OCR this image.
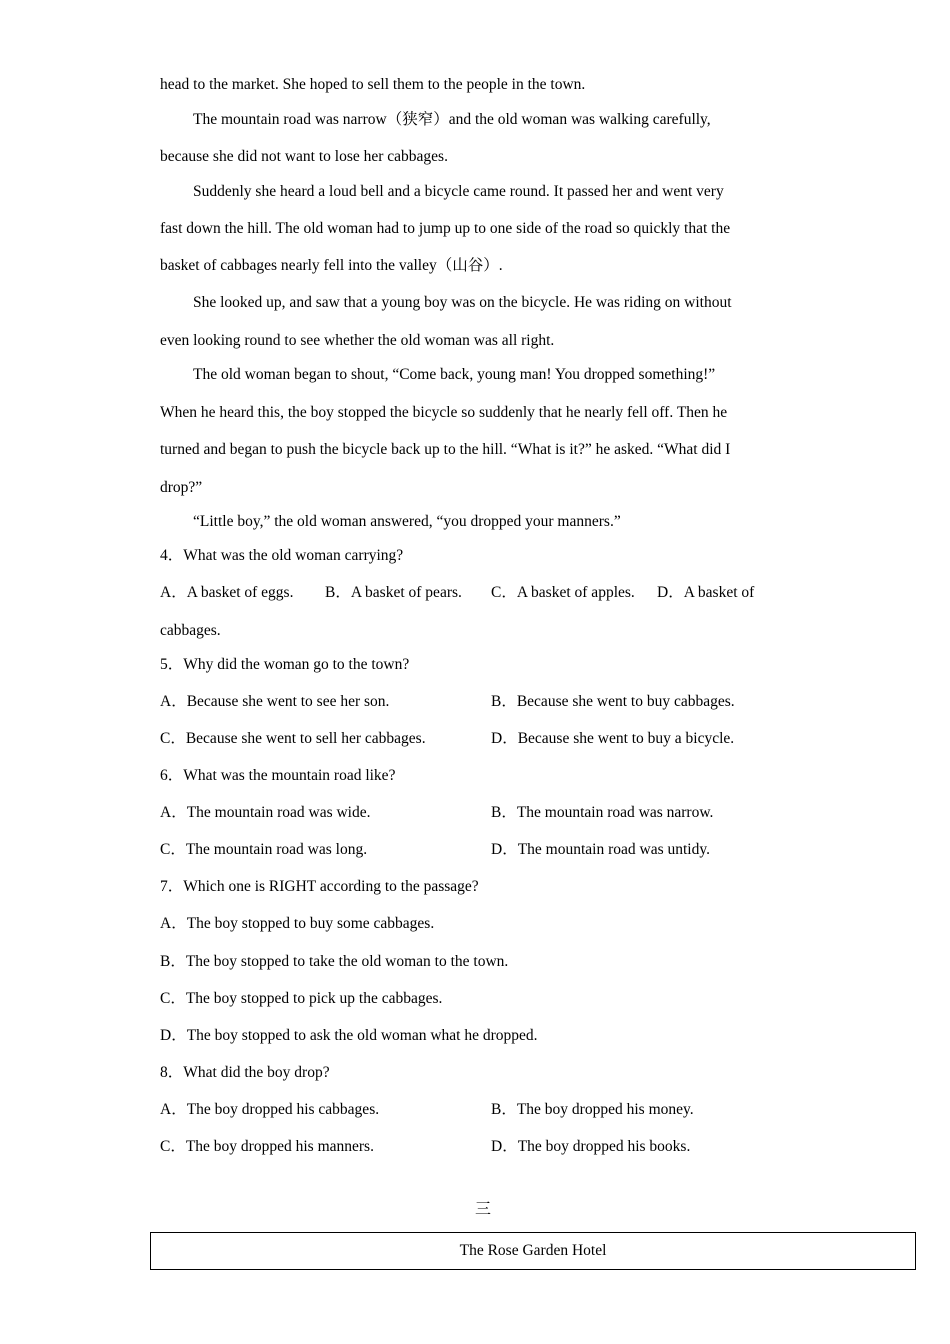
head to the market. She hoped to sell them to the people in the town.
The mountain road was narrow（狭窄）and the old woman was walking carefully,
because she did not want to lose her cabbages.
Suddenly she heard a loud bell and a bicycle came round. It passed her and went very
fast down the hill. The old woman had to jump up to one side of the road so quickly that the
basket of cabbages nearly fell into the valley（山谷）.
She looked up, and saw that a young boy was on the bicycle. He was riding on without
even looking round to see whether the old woman was all right.
The old woman began to shout, “Come back, young man! You dropped something!”
When he heard this, the boy stopped the bicycle so suddenly that he nearly fell off. Then he
turned and began to push the bicycle back up to the hill. “What is it?” he asked. “What did I
drop?”
“Little boy,” the old woman answered, “you dropped your manners.”
4．What was the old woman carrying?
A．A basket of eggs. B．A basket of pears. C．A basket of apples. D．A basket of
cabbages.
5．Why did the woman go to the town?
A．Because she went to see her son.	B．Because she went to buy cabbages.
C．Because she went to sell her cabbages.	D．Because she went to buy a bicycle.
6．What was the mountain road like?
A．The mountain road was wide.	B．The mountain road was narrow.
C．The mountain road was long.	D．The mountain road was untidy.
7．Which one is RIGHT according to the passage?
A．The boy stopped to buy some cabbages.
B．The boy stopped to take the old woman to the town.
C．The boy stopped to pick up the cabbages.
D．The boy stopped to ask the old woman what he dropped.
8．What did the boy drop?
A．The boy dropped his cabbages.	B．The boy dropped his money.
C．The boy dropped his manners.	D．The boy dropped his books.
三
The Rose Garden Hotel
